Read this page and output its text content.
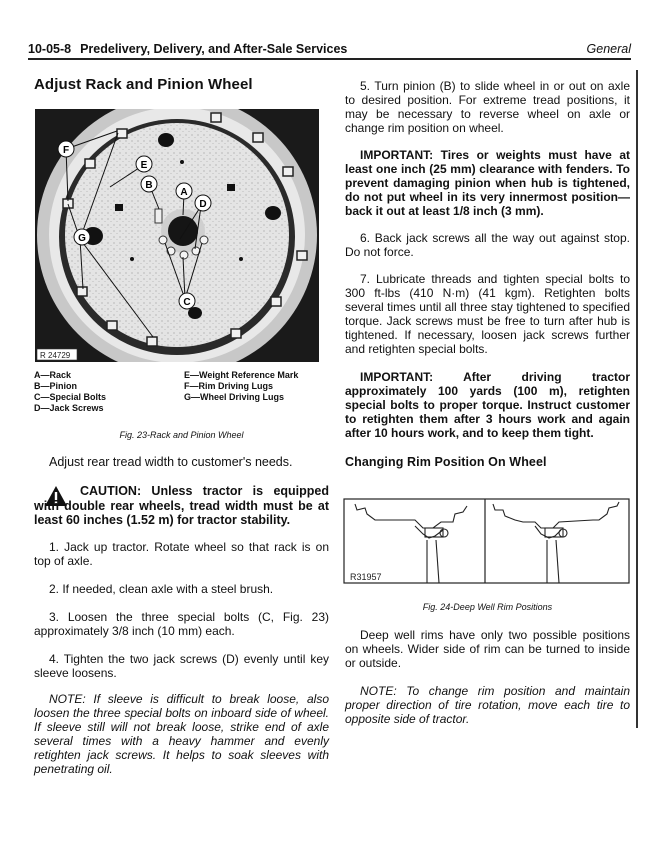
10-05-8 Predelivery, Delivery, and After-Sale Services	General
Adjust Rack and Pinion Wheel
F
E
B
A
D
G
C
R 24729
A—Rack
B—Pinion
C—Special Bolts
D—Jack Screws
E—Weight Reference Mark
F—Rim Driving Lugs
G—Wheel Driving Lugs
Fig. 23-Rack and Pinion Wheel

Adjust rear tread width to customer's needs.

CAUTION: Unless tractor is equipped with double rear wheels, tread width must be at least 60 inches (1.52 m) for tractor stability.

1. Jack up tractor. Rotate wheel so that rack is on top of axle.

2. If needed, clean axle with a steel brush.

3. Loosen the three special bolts (C, Fig. 23) approximately 3/8 inch (10 mm) each.

4. Tighten the two jack screws (D) evenly until key sleeve loosens.

NOTE: If sleeve is difficult to break loose, also loosen the three special bolts on inboard side of wheel. If sleeve still will not break loose, strike end of axle several times with a heavy hammer and evenly retighten jack screws. It helps to soak sleeves with penetrating oil.

5. Turn pinion (B) to slide wheel in or out on axle to desired position. For extreme tread positions, it may be necessary to reverse wheel on axle or change rim position on wheel.

IMPORTANT: Tires or weights must have at least one inch (25 mm) clearance with fenders. To prevent damaging pinion when hub is tightened, do not put wheel in its very innermost position—back it out at least 1/8 inch (3 mm).

6. Back jack screws all the way out against stop. Do not force.

7. Lubricate threads and tighten special bolts to 300 ft-lbs (410 N·m) (41 kgm). Retighten bolts several times until all three stay tightened to specified torque. Jack screws must be free to turn after hub is tightened. If necessary, loosen jack screws further and retighten special bolts.

IMPORTANT: After driving tractor approximately 100 yards (100 m), retighten special bolts to proper torque. Instruct customer to retighten them after 3 hours work and again after 10 hours work, and to keep them tight.

Changing Rim Position On Wheel
R31957
Fig. 24-Deep Well Rim Positions

Deep well rims have only two possible positions on wheels. Wider side of rim can be turned to inside or outside.

NOTE: To change rim position and maintain proper direction of tire rotation, move each tire to opposite side of tractor.
